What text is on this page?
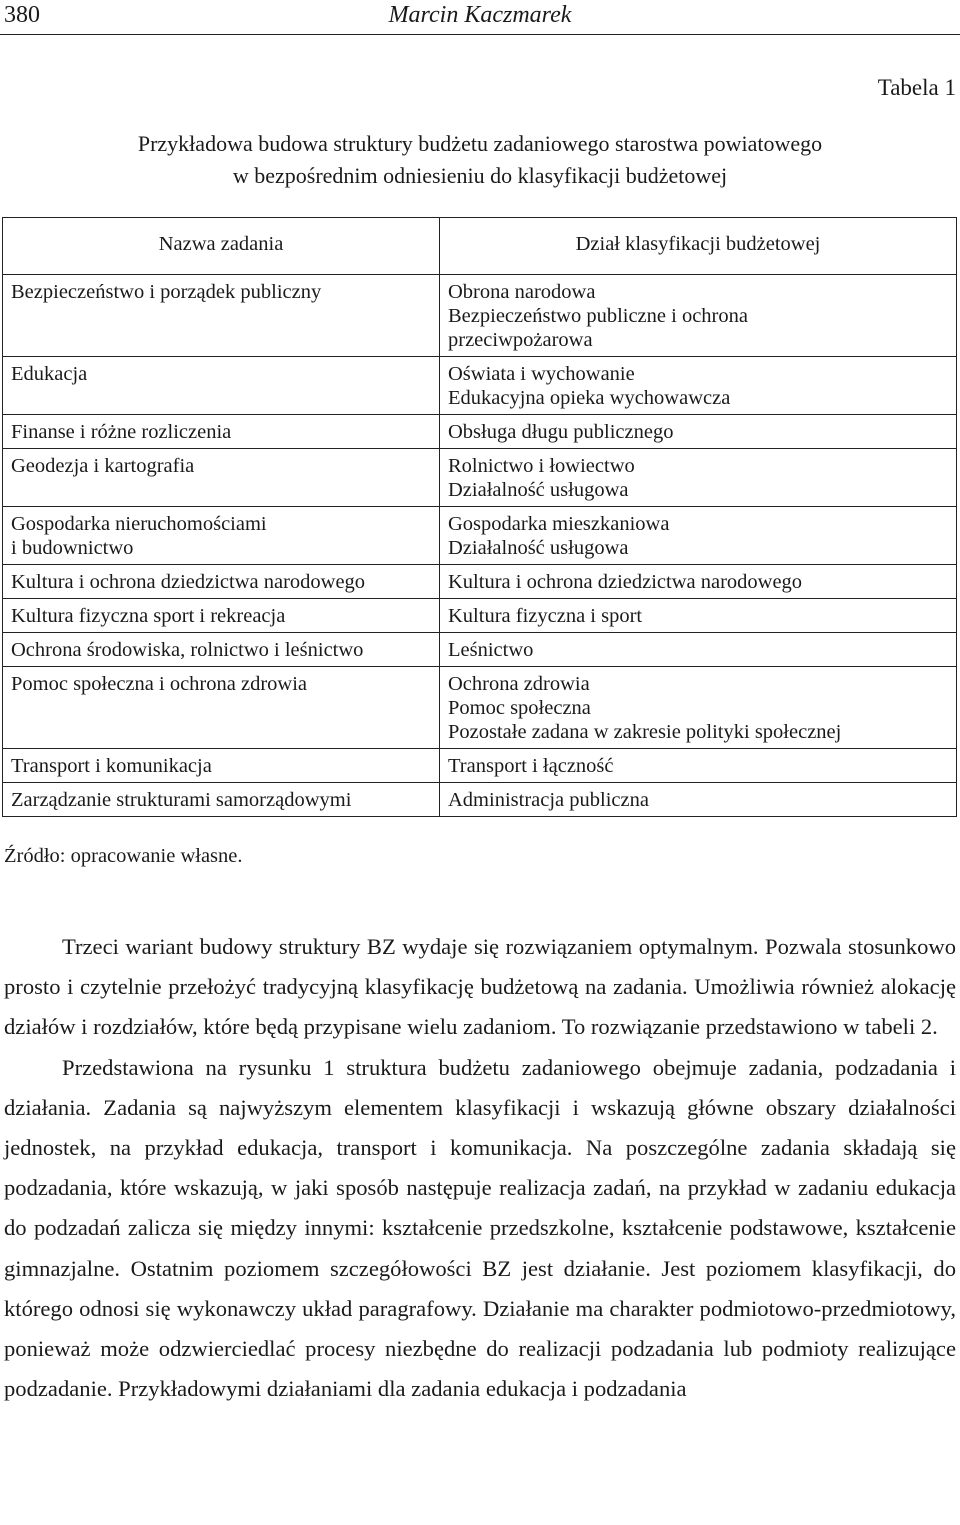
Marcin Kaczmarek
380
Tabela 1
Przykładowa budowa struktury budżetu zadaniowego starostwa powiatowego
w bezpośrednim odniesieniu do klasyfikacji budżetowej
Nazwa zadania	Dział klasyfikacji budżetowej

Bezpieczeństwo i porządek publiczny	Obrona narodowa
Bezpieczeństwo publiczne i ochrona
przeciwpożarowa

Edukacja	Oświata i wychowanie
Edukacyjna opieka wychowawcza

Finanse i różne rozliczenia	Obsługa długu publicznego

Geodezja i kartografia	Rolnictwo i łowiectwo
Działalność usługowa

Gospodarka nieruchomościami
i budownictwo	Gospodarka mieszkaniowa
Działalność usługowa

Kultura i ochrona dziedzictwa narodowego	Kultura i ochrona dziedzictwa narodowego

Kultura fizyczna sport i rekreacja	Kultura fizyczna i sport

Ochrona środowiska, rolnictwo i leśnictwo	Leśnictwo

Pomoc społeczna i ochrona zdrowia	Ochrona zdrowia
Pomoc społeczna
Pozostałe zadana w zakresie polityki społecznej

Transport i komunikacja	Transport i łączność

Zarządzanie strukturami samorządowymi	Administracja publiczna
Źródło: opracowanie własne.

Trzeci wariant budowy struktury BZ wydaje się rozwiązaniem optymalnym. Pozwala stosunkowo prosto i czytelnie przełożyć tradycyjną klasyfikację budżetową na zadania. Umożliwia również alokację działów i rozdziałów, które będą przypisane wielu zadaniom. To rozwiązanie przedstawiono w tabeli 2.

Przedstawiona na rysunku 1 struktura budżetu zadaniowego obejmuje zadania, podzadania i działania. Zadania są najwyższym elementem klasyfikacji i wskazują główne obszary działalności jednostek, na przykład edukacja, transport i komunikacja. Na poszczególne zadania składają się podzadania, które wskazują, w jaki sposób następuje realizacja zadań, na przykład w zadaniu edukacja do podzadań zalicza się między innymi: kształcenie przedszkolne, kształcenie podstawowe, kształcenie gimnazjalne. Ostatnim poziomem szczegółowości BZ jest działanie. Jest poziomem klasyfikacji, do którego odnosi się wykonawczy układ paragrafowy. Działanie ma charakter podmiotowo-przedmiotowy, ponieważ może odzwierciedlać procesy niezbędne do realizacji podzadania lub podmioty realizujące podzadanie. Przykładowymi działaniami dla zadania edukacja i podzadania
